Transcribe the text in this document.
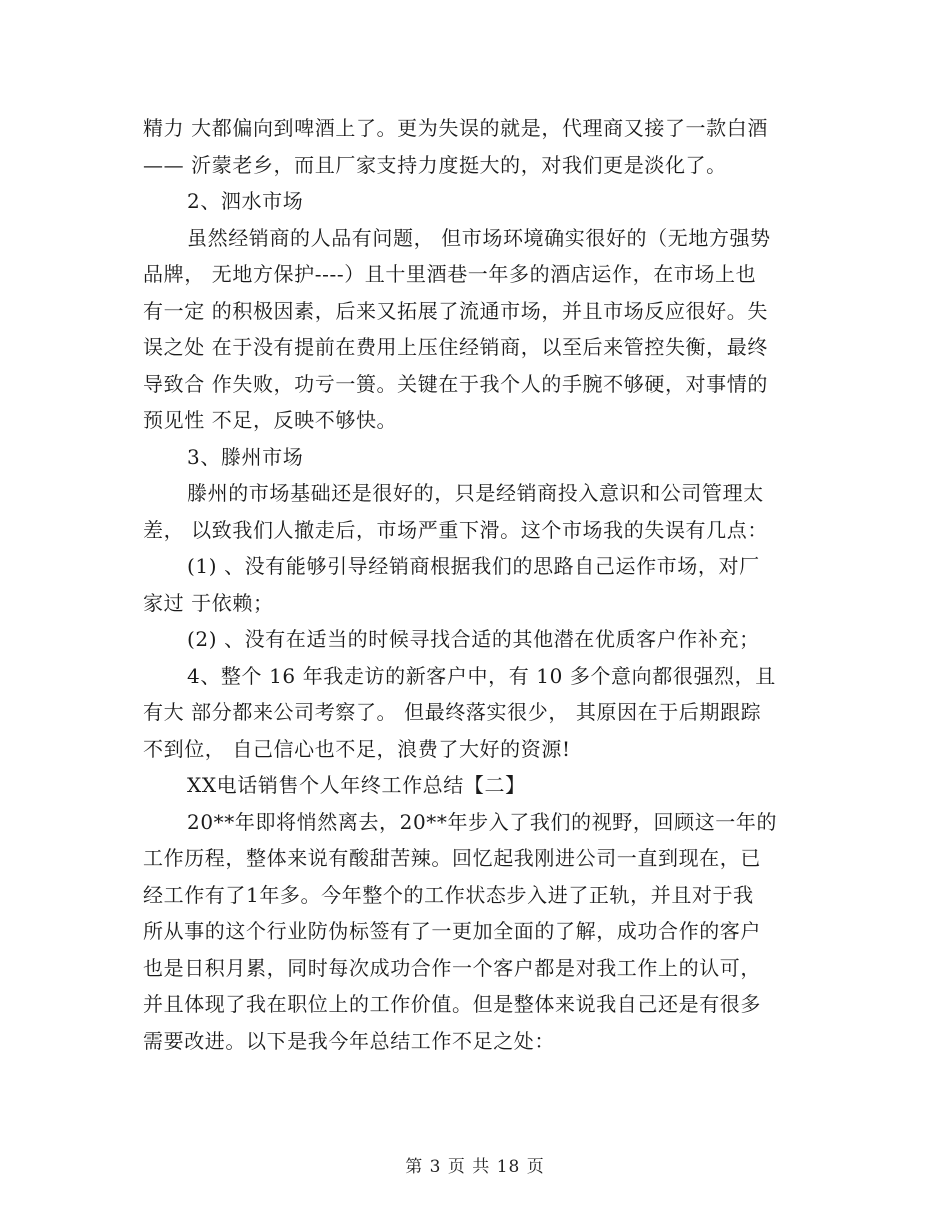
精力 大都偏向到啤酒上了。更为失误的就是，代理商又接了一款白酒

—— 沂蒙老乡，而且厂家支持力度挺大的，对我们更是淡化了。

2、泗水市场

虽然经销商的人品有问题， 但市场环境确实很好的（无地方强势

品牌， 无地方保护----）且十里酒巷一年多的酒店运作，在市场上也

有一定 的积极因素，后来又拓展了流通市场，并且市场反应很好。失

误之处 在于没有提前在费用上压住经销商，以至后来管控失衡，最终

导致合 作失败，功亏一篑。关键在于我个人的手腕不够硬，对事情的

预见性 不足，反映不够快。

3、滕州市场

滕州的市场基础还是很好的，只是经销商投入意识和公司管理太

差， 以致我们人撤走后，市场严重下滑。这个市场我的失误有几点：

(1) 、没有能够引导经销商根据我们的思路自己运作市场，对厂

家过 于依赖；

(2) 、没有在适当的时候寻找合适的其他潜在优质客户作补充；

4、整个 16 年我走访的新客户中，有 10 多个意向都很强烈，且

有大 部分都来公司考察了。 但最终落实很少， 其原因在于后期跟踪

不到位， 自己信心也不足，浪费了大好的资源!

XX电话销售个人年终工作总结【二】

20**年即将悄然离去，20**年步入了我们的视野，回顾这一年的

工作历程，整体来说有酸甜苦辣。回忆起我刚进公司一直到现在，已

经工作有了1年多。今年整个的工作状态步入进了正轨，并且对于我

所从事的这个行业防伪标签有了一更加全面的了解，成功合作的客户

也是日积月累，同时每次成功合作一个客户都是对我工作上的认可，

并且体现了我在职位上的工作价值。但是整体来说我自己还是有很多

需要改进。以下是我今年总结工作不足之处：

第 3 页 共 18 页
